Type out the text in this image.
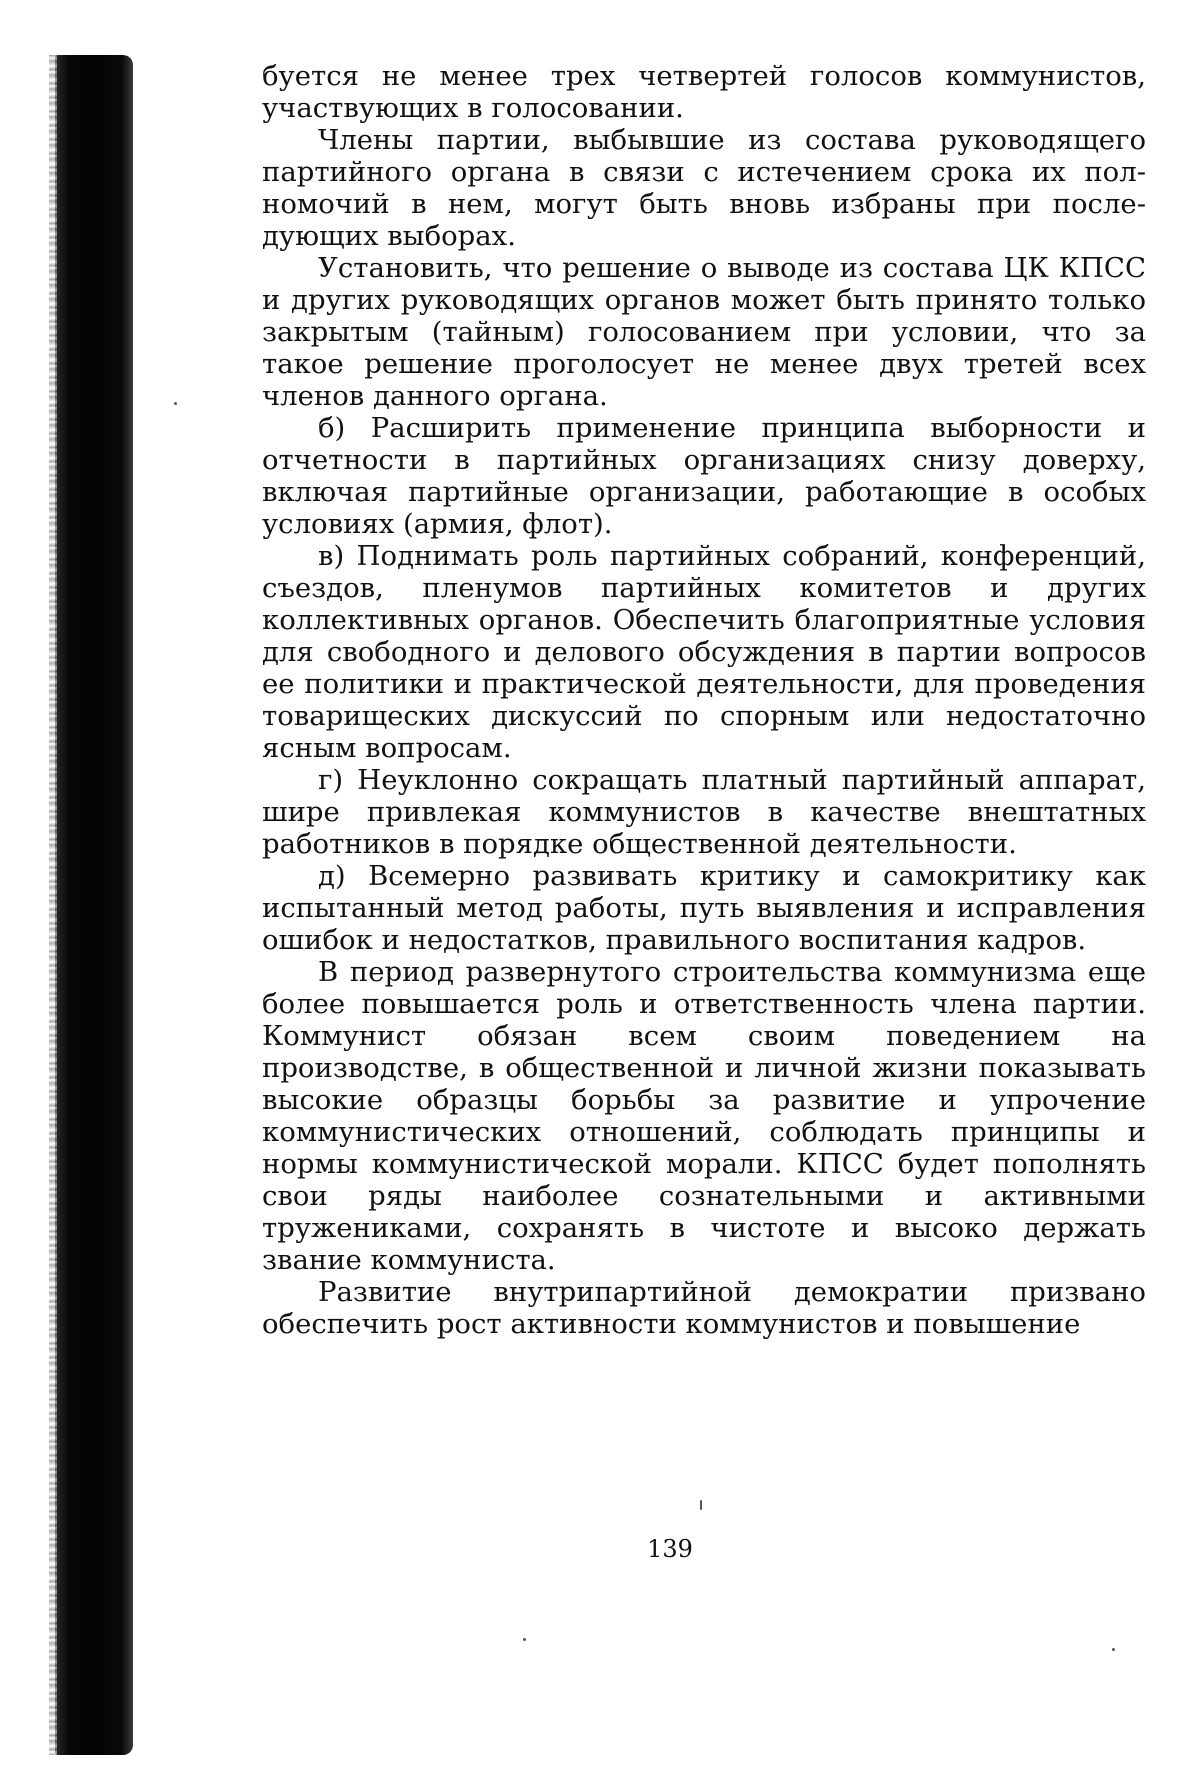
буется не менее трех четвертей голосов коммунистов, участвующих в голосовании.

Члены партии, выбывшие из состава руководящего партийного органа в связи с истечением срока их полномочий в нем, могут быть вновь избраны при последующих выборах.

Установить, что решение о выводе из состава ЦК КПСС и других руководящих органов может быть принято только закрытым (тайным) голосованием при условии, что за такое решение проголосует не менее двух третей всех членов данного органа.

б) Расширить применение принципа выборности и отчетности в партийных организациях снизу доверху, включая партийные организации, работающие в особых условиях (армия, флот).

в) Поднимать роль партийных собраний, конференций, съездов, пленумов партийных комитетов и других коллективных органов. Обеспечить благоприятные условия для свободного и делового обсуждения в партии вопросов ее политики и практической деятельности, для проведения товарищеских дискуссий по спорным или недостаточно ясным вопросам.

г) Неуклонно сокращать платный партийный аппарат, шире привлекая коммунистов в качестве внештатных работников в порядке общественной деятельности.

д) Всемерно развивать критику и самокритику как испытанный метод работы, путь выявления и исправления ошибок и недостатков, правильного воспитания кадров.

В период развернутого строительства коммунизма еще более повышается роль и ответственность члена партии. Коммунист обязан всем своим поведением на производстве, в общественной и личной жизни показывать высокие образцы борьбы за развитие и упрочение коммунистических отношений, соблюдать принципы и нормы коммунистической морали. КПСС будет пополнять свои ряды наиболее сознательными и активными тружениками, сохранять в чистоте и высоко держать звание коммуниста.

Развитие внутрипартийной демократии призвано обеспечить рост активности коммунистов и повышение

139
